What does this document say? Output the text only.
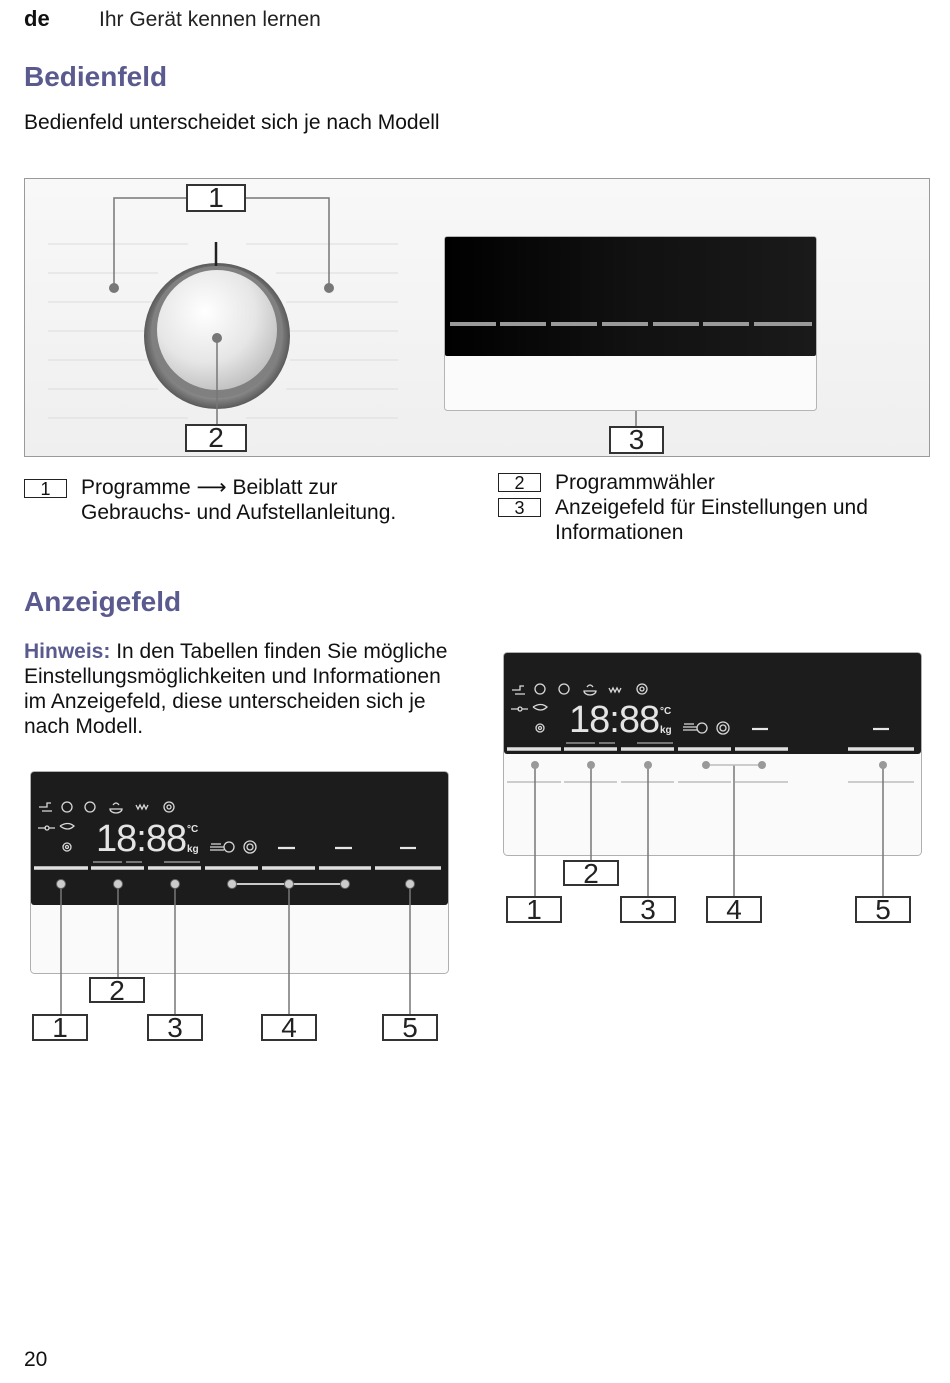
de Ihr Gerät kennen lernen
Bedienfeld
Bedienfeld unterscheidet sich je nach Modell
1
2	3
1	Programme ⟶ Beiblatt zur
Gebrauchs- und Aufstellanleitung.
2	Programmwähler
3	Anzeigefeld für Einstellungen und
Informationen
Anzeigefeld
Hinweis: In den Tabellen finden Sie mögliche Einstellungsmöglichkeiten und Informationen im Anzeigefeld, diese unterscheiden sich je nach Modell.
18:88 °C
kg
2
1	3	4	5
18:88 °C
kg
2
1	3	4	5
20
